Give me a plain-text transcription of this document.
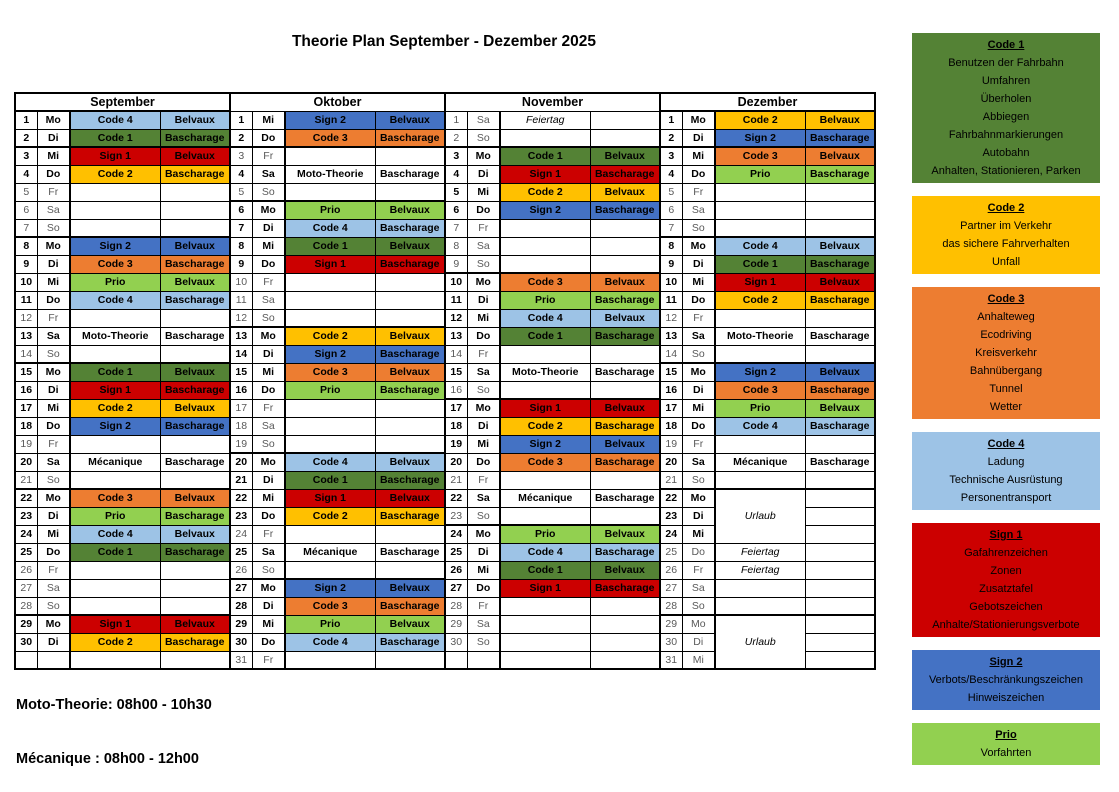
Theorie Plan September - Dezember 2025
September				Oktober				November				Dezember			
1	Mo	Code 4	Belvaux	1	Mi	Sign 2	Belvaux	1	Sa	Feiertag		1	Mo	Code 2	Belvaux
2	Di	Code 1	Bascharage	2	Do	Code 3	Bascharage	2	So			2	Di	Sign 2	Bascharage
3	Mi	Sign 1	Belvaux	3	Fr			3	Mo	Code 1	Belvaux	3	Mi	Code 3	Belvaux
4	Do	Code 2	Bascharage	4	Sa	Moto-Theorie	Bascharage	4	Di	Sign 1	Bascharage	4	Do	Prio	Bascharage
5	Fr			5	So			5	Mi	Code 2	Belvaux	5	Fr		
6	Sa			6	Mo	Prio	Belvaux	6	Do	Sign 2	Bascharage	6	Sa		
7	So			7	Di	Code 4	Bascharage	7	Fr			7	So		
8	Mo	Sign 2	Belvaux	8	Mi	Code 1	Belvaux	8	Sa			8	Mo	Code 4	Belvaux
9	Di	Code 3	Bascharage	9	Do	Sign 1	Bascharage	9	So			9	Di	Code 1	Bascharage
10	Mi	Prio	Belvaux	10	Fr			10	Mo	Code 3	Belvaux	10	Mi	Sign 1	Belvaux
11	Do	Code 4	Bascharage	11	Sa			11	Di	Prio	Bascharage	11	Do	Code 2	Bascharage
12	Fr			12	So			12	Mi	Code 4	Belvaux	12	Fr		
13	Sa	Moto-Theorie	Bascharage	13	Mo	Code 2	Belvaux	13	Do	Code 1	Bascharage	13	Sa	Moto-Theorie	Bascharage
14	So			14	Di	Sign 2	Bascharage	14	Fr			14	So		
15	Mo	Code 1	Belvaux	15	Mi	Code 3	Belvaux	15	Sa	Moto-Theorie	Bascharage	15	Mo	Sign 2	Belvaux
16	Di	Sign 1	Bascharage	16	Do	Prio	Bascharage	16	So			16	Di	Code 3	Bascharage
17	Mi	Code 2	Belvaux	17	Fr			17	Mo	Sign 1	Belvaux	17	Mi	Prio	Belvaux
18	Do	Sign 2	Bascharage	18	Sa			18	Di	Code 2	Bascharage	18	Do	Code 4	Bascharage
19	Fr			19	So			19	Mi	Sign 2	Belvaux	19	Fr		
20	Sa	Mécanique	Bascharage	20	Mo	Code 4	Belvaux	20	Do	Code 3	Bascharage	20	Sa	Mécanique	Bascharage
21	So			21	Di	Code 1	Bascharage	21	Fr			21	So		
22	Mo	Code 3	Belvaux	22	Mi	Sign 1	Belvaux	22	Sa	Mécanique	Bascharage	22	Mo	Urlaub	
23	Di	Prio	Bascharage	23	Do	Code 2	Bascharage	23	So			23	Di		
24	Mi	Code 4	Belvaux	24	Fr			24	Mo	Prio	Belvaux	24	Mi		
25	Do	Code 1	Bascharage	25	Sa	Mécanique	Bascharage	25	Di	Code 4	Bascharage	25	Do	Feiertag	
26	Fr			26	So			26	Mi	Code 1	Belvaux	26	Fr	Feiertag	
27	Sa			27	Mo	Sign 2	Belvaux	27	Do	Sign 1	Bascharage	27	Sa		
28	So			28	Di	Code 3	Bascharage	28	Fr			28	So		
29	Mo	Sign 1	Belvaux	29	Mi	Prio	Belvaux	29	Sa			29	Mo	Urlaub	
30	Di	Code 2	Bascharage	30	Do	Code 4	Bascharage	30	So			30	Di		
				31	Fr							31	Mi		
Code 1
Benutzen der Fahrbahn
Umfahren
Überholen
Abbiegen
Fahrbahnmarkierungen
Autobahn
Anhalten, Stationieren, Parken
Code 2
Partner im Verkehr
das sichere Fahrverhalten
Unfall
Code 3
Anhalteweg
Ecodriving
Kreisverkehr
Bahnübergang
Tunnel
Wetter
Code 4
Ladung
Technische Ausrüstung
Personentransport
Sign 1
Gafahrenzeichen
Zonen
Zusatztafel
Gebotszeichen
Anhalte/Stationierungsverbote
Sign 2
Verbots/Beschränkungszeichen
Hinweiszeichen
Prio
Vorfahrten
Moto-Theorie: 08h00 - 10h30
Mécanique : 08h00 - 12h00
